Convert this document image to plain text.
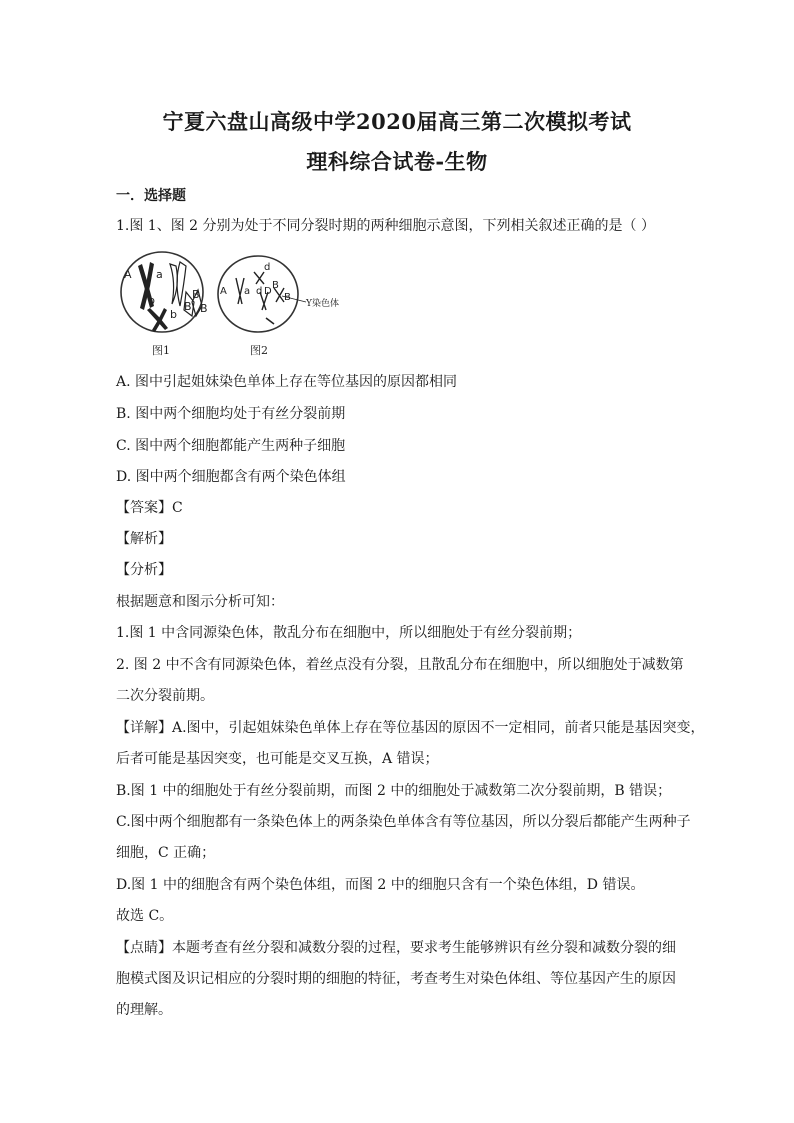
宁夏六盘山高级中学2020届高三第二次模拟考试
理科综合试卷-生物
一．选择题
1.图 1、图 2 分别为处于不同分裂时期的两种细胞示意图，下列相关叙述正确的是（ ）
A a
B
b
b
B
B
图1
A a
d
d D
B
B
Y染色体
图2
A. 图中引起姐妹染色单体上存在等位基因的原因都相同
B. 图中两个细胞均处于有丝分裂前期
C. 图中两个细胞都能产生两种子细胞
D. 图中两个细胞都含有两个染色体组
【答案】C
【解析】
【分析】
根据题意和图示分析可知：
1.图 1 中含同源染色体，散乱分布在细胞中，所以细胞处于有丝分裂前期；
2. 图 2 中不含有同源染色体，着丝点没有分裂，且散乱分布在细胞中，所以细胞处于减数第
二次分裂前期。
【详解】A.图中，引起姐妹染色单体上存在等位基因的原因不一定相同，前者只能是基因突变，
后者可能是基因突变，也可能是交叉互换，A 错误；
B.图 1 中的细胞处于有丝分裂前期，而图 2 中的细胞处于减数第二次分裂前期，B 错误；
C.图中两个细胞都有一条染色体上的两条染色单体含有等位基因，所以分裂后都能产生两种子
细胞，C 正确；
D.图 1 中的细胞含有两个染色体组，而图 2 中的细胞只含有一个染色体组，D 错误。
故选 C。
【点睛】本题考查有丝分裂和减数分裂的过程，要求考生能够辨识有丝分裂和减数分裂的细
胞模式图及识记相应的分裂时期的细胞的特征，考查考生对染色体组、等位基因产生的原因
的理解。
